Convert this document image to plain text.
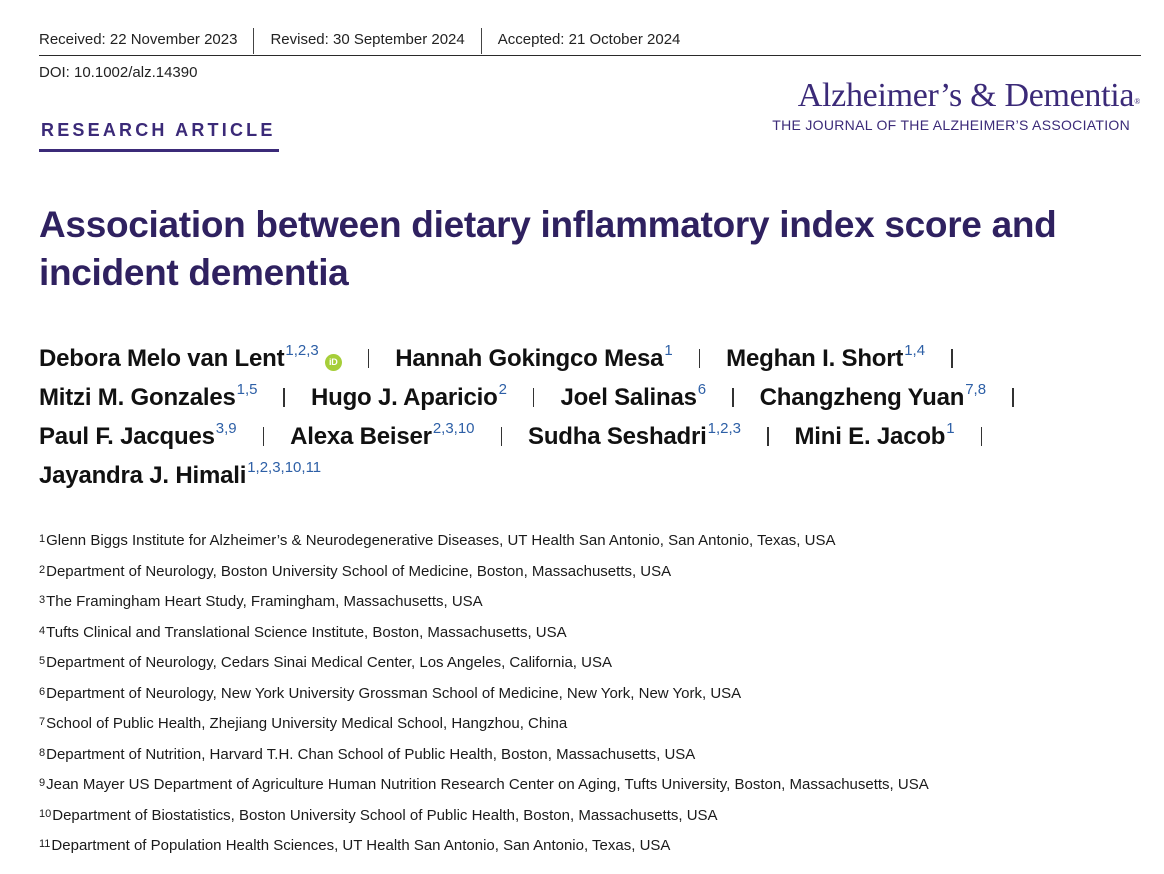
Received: 22 November 2023 Revised: 30 September 2024 Accepted: 21 October 2024
DOI: 10.1002/alz.14390
Alzheimer’s & Dementia®
THE JOURNAL OF THE ALZHEIMER’S ASSOCIATION
RESEARCH ARTICLE
Association between dietary inflammatory index score and incident dementia
Debora Melo van Lent$^{1,2,3}$iD Hannah Gokingco Mesa$^1$ Meghan I. Short$^{1,4}$
Mitzi M. Gonzales$^{1,5}$ Hugo J. Aparicio$^2$ Joel Salinas$^6$ Changzheng Yuan$^{7,8}$
Paul F. Jacques$^{3,9}$ Alexa Beiser$^{2,3,10}$ Sudha Seshadri$^{1,2,3}$ Mini E. Jacob$^1$
Jayandra J. Himali$^{1,2,3,10,11}$
$^1$Glenn Biggs Institute for Alzheimer’s & Neurodegenerative Diseases, UT Health San Antonio, San Antonio, Texas, USA
$^2$Department of Neurology, Boston University School of Medicine, Boston, Massachusetts, USA
$^3$The Framingham Heart Study, Framingham, Massachusetts, USA
$^4$Tufts Clinical and Translational Science Institute, Boston, Massachusetts, USA
$^5$Department of Neurology, Cedars Sinai Medical Center, Los Angeles, California, USA
$^6$Department of Neurology, New York University Grossman School of Medicine, New York, New York, USA
$^7$School of Public Health, Zhejiang University Medical School, Hangzhou, China
$^8$Department of Nutrition, Harvard T.H. Chan School of Public Health, Boston, Massachusetts, USA
$^9$Jean Mayer US Department of Agriculture Human Nutrition Research Center on Aging, Tufts University, Boston, Massachusetts, USA
$^{10}$Department of Biostatistics, Boston University School of Public Health, Boston, Massachusetts, USA
$^{11}$Department of Population Health Sciences, UT Health San Antonio, San Antonio, Texas, USA
